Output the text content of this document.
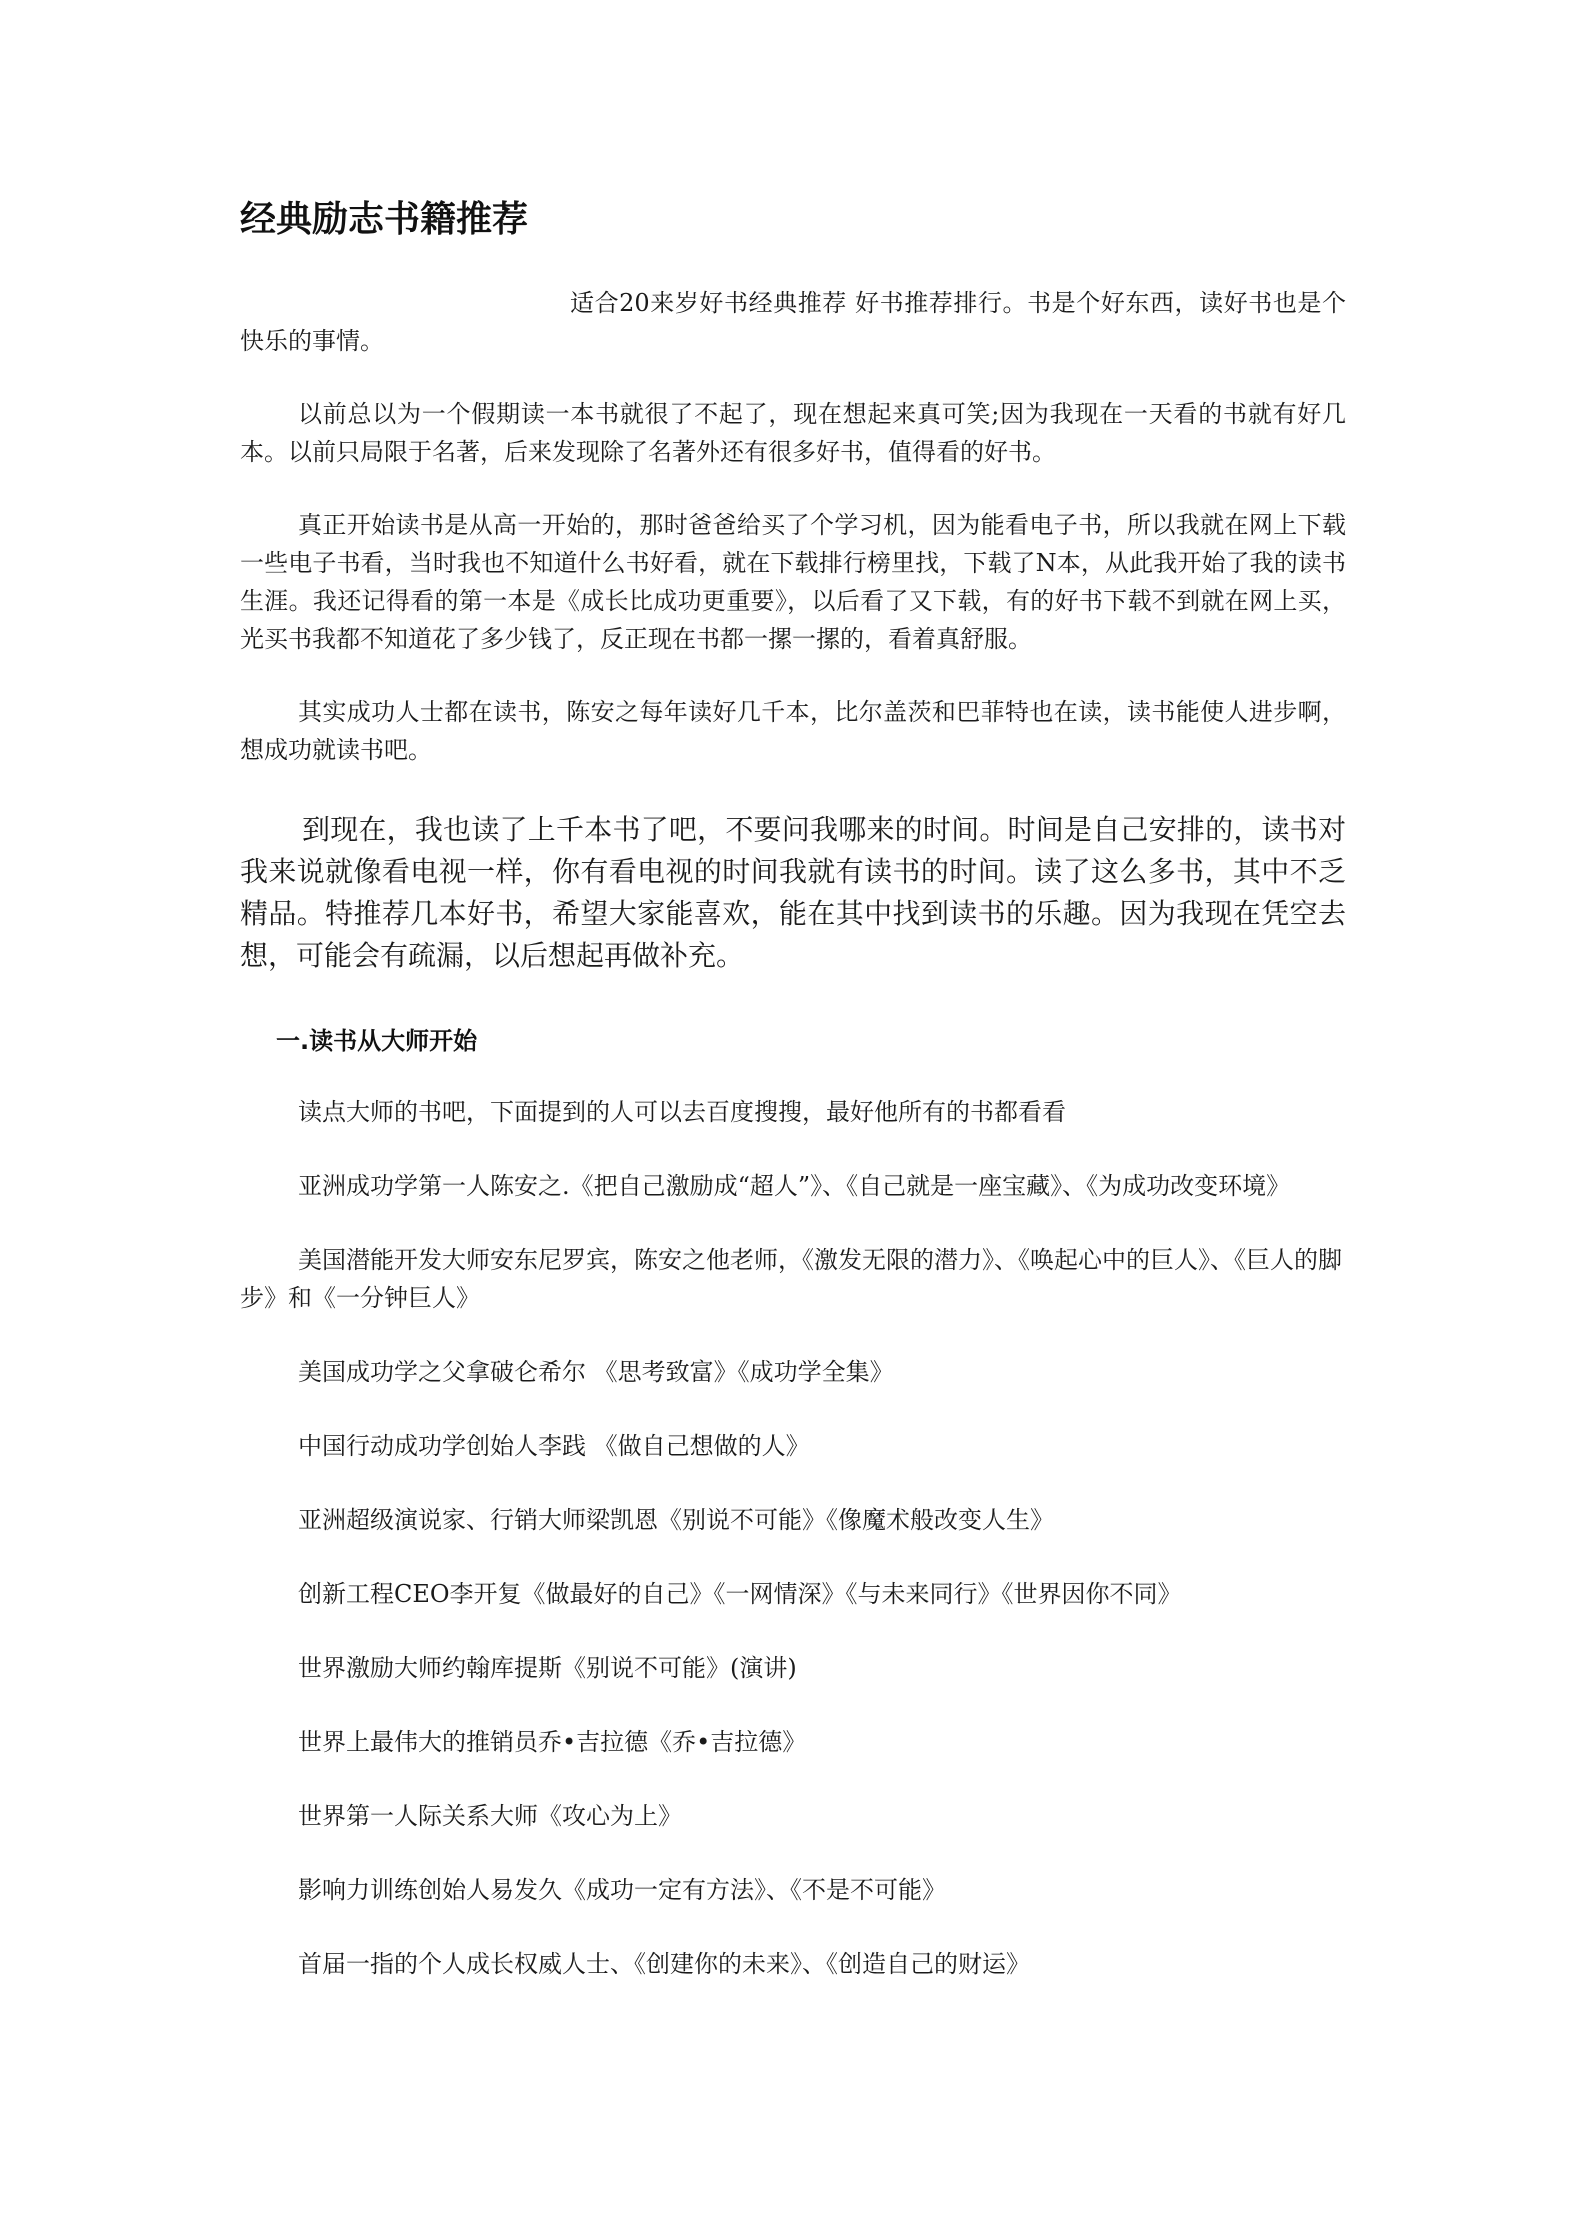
经典励志书籍推荐

适合20来岁好书经典推荐 好书推荐排行。书是个好东西，读好书也是个快乐的事情。

以前总以为一个假期读一本书就很了不起了，现在想起来真可笑;因为我现在一天看的书就有好几本。以前只局限于名著，后来发现除了名著外还有很多好书，值得看的好书。

真正开始读书是从高一开始的，那时爸爸给买了个学习机，因为能看电子书，所以我就在网上下载一些电子书看，当时我也不知道什么书好看，就在下载排行榜里找，下载了N本，从此我开始了我的读书生涯。我还记得看的第一本是《成长比成功更重要》，以后看了又下载，有的好书下载不到就在网上买，光买书我都不知道花了多少钱了，反正现在书都一摞一摞的，看着真舒服。

其实成功人士都在读书，陈安之每年读好几千本，比尔盖茨和巴菲特也在读，读书能使人进步啊，想成功就读书吧。

到现在，我也读了上千本书了吧，不要问我哪来的时间。时间是自己安排的，读书对我来说就像看电视一样，你有看电视的时间我就有读书的时间。读了这么多书，其中不乏精品。特推荐几本好书，希望大家能喜欢，能在其中找到读书的乐趣。因为我现在凭空去想，可能会有疏漏，以后想起再做补充。

一.读书从大师开始

读点大师的书吧，下面提到的人可以去百度搜搜，最好他所有的书都看看

亚洲成功学第一人陈安之.《把自己激励成“超人”》、《自己就是一座宝藏》、《为成功改变环境》

美国潜能开发大师安东尼罗宾，陈安之他老师，《激发无限的潜力》、《唤起心中的巨人》、《巨人的脚步》和《一分钟巨人》

美国成功学之父拿破仑希尔 《思考致富》《成功学全集》

中国行动成功学创始人李践 《做自己想做的人》

亚洲超级演说家、行销大师梁凯恩《别说不可能》《像魔术般改变人生》

创新工程CEO李开复《做最好的自己》《一网情深》《与未来同行》《世界因你不同》

世界激励大师约翰库提斯《别说不可能》(演讲)

世界上最伟大的推销员乔•吉拉德《乔•吉拉德》

世界第一人际关系大师《攻心为上》

影响力训练创始人易发久《成功一定有方法》、《不是不可能》

首届一指的个人成长权威人士、《创建你的未来》、《创造自己的财运》
